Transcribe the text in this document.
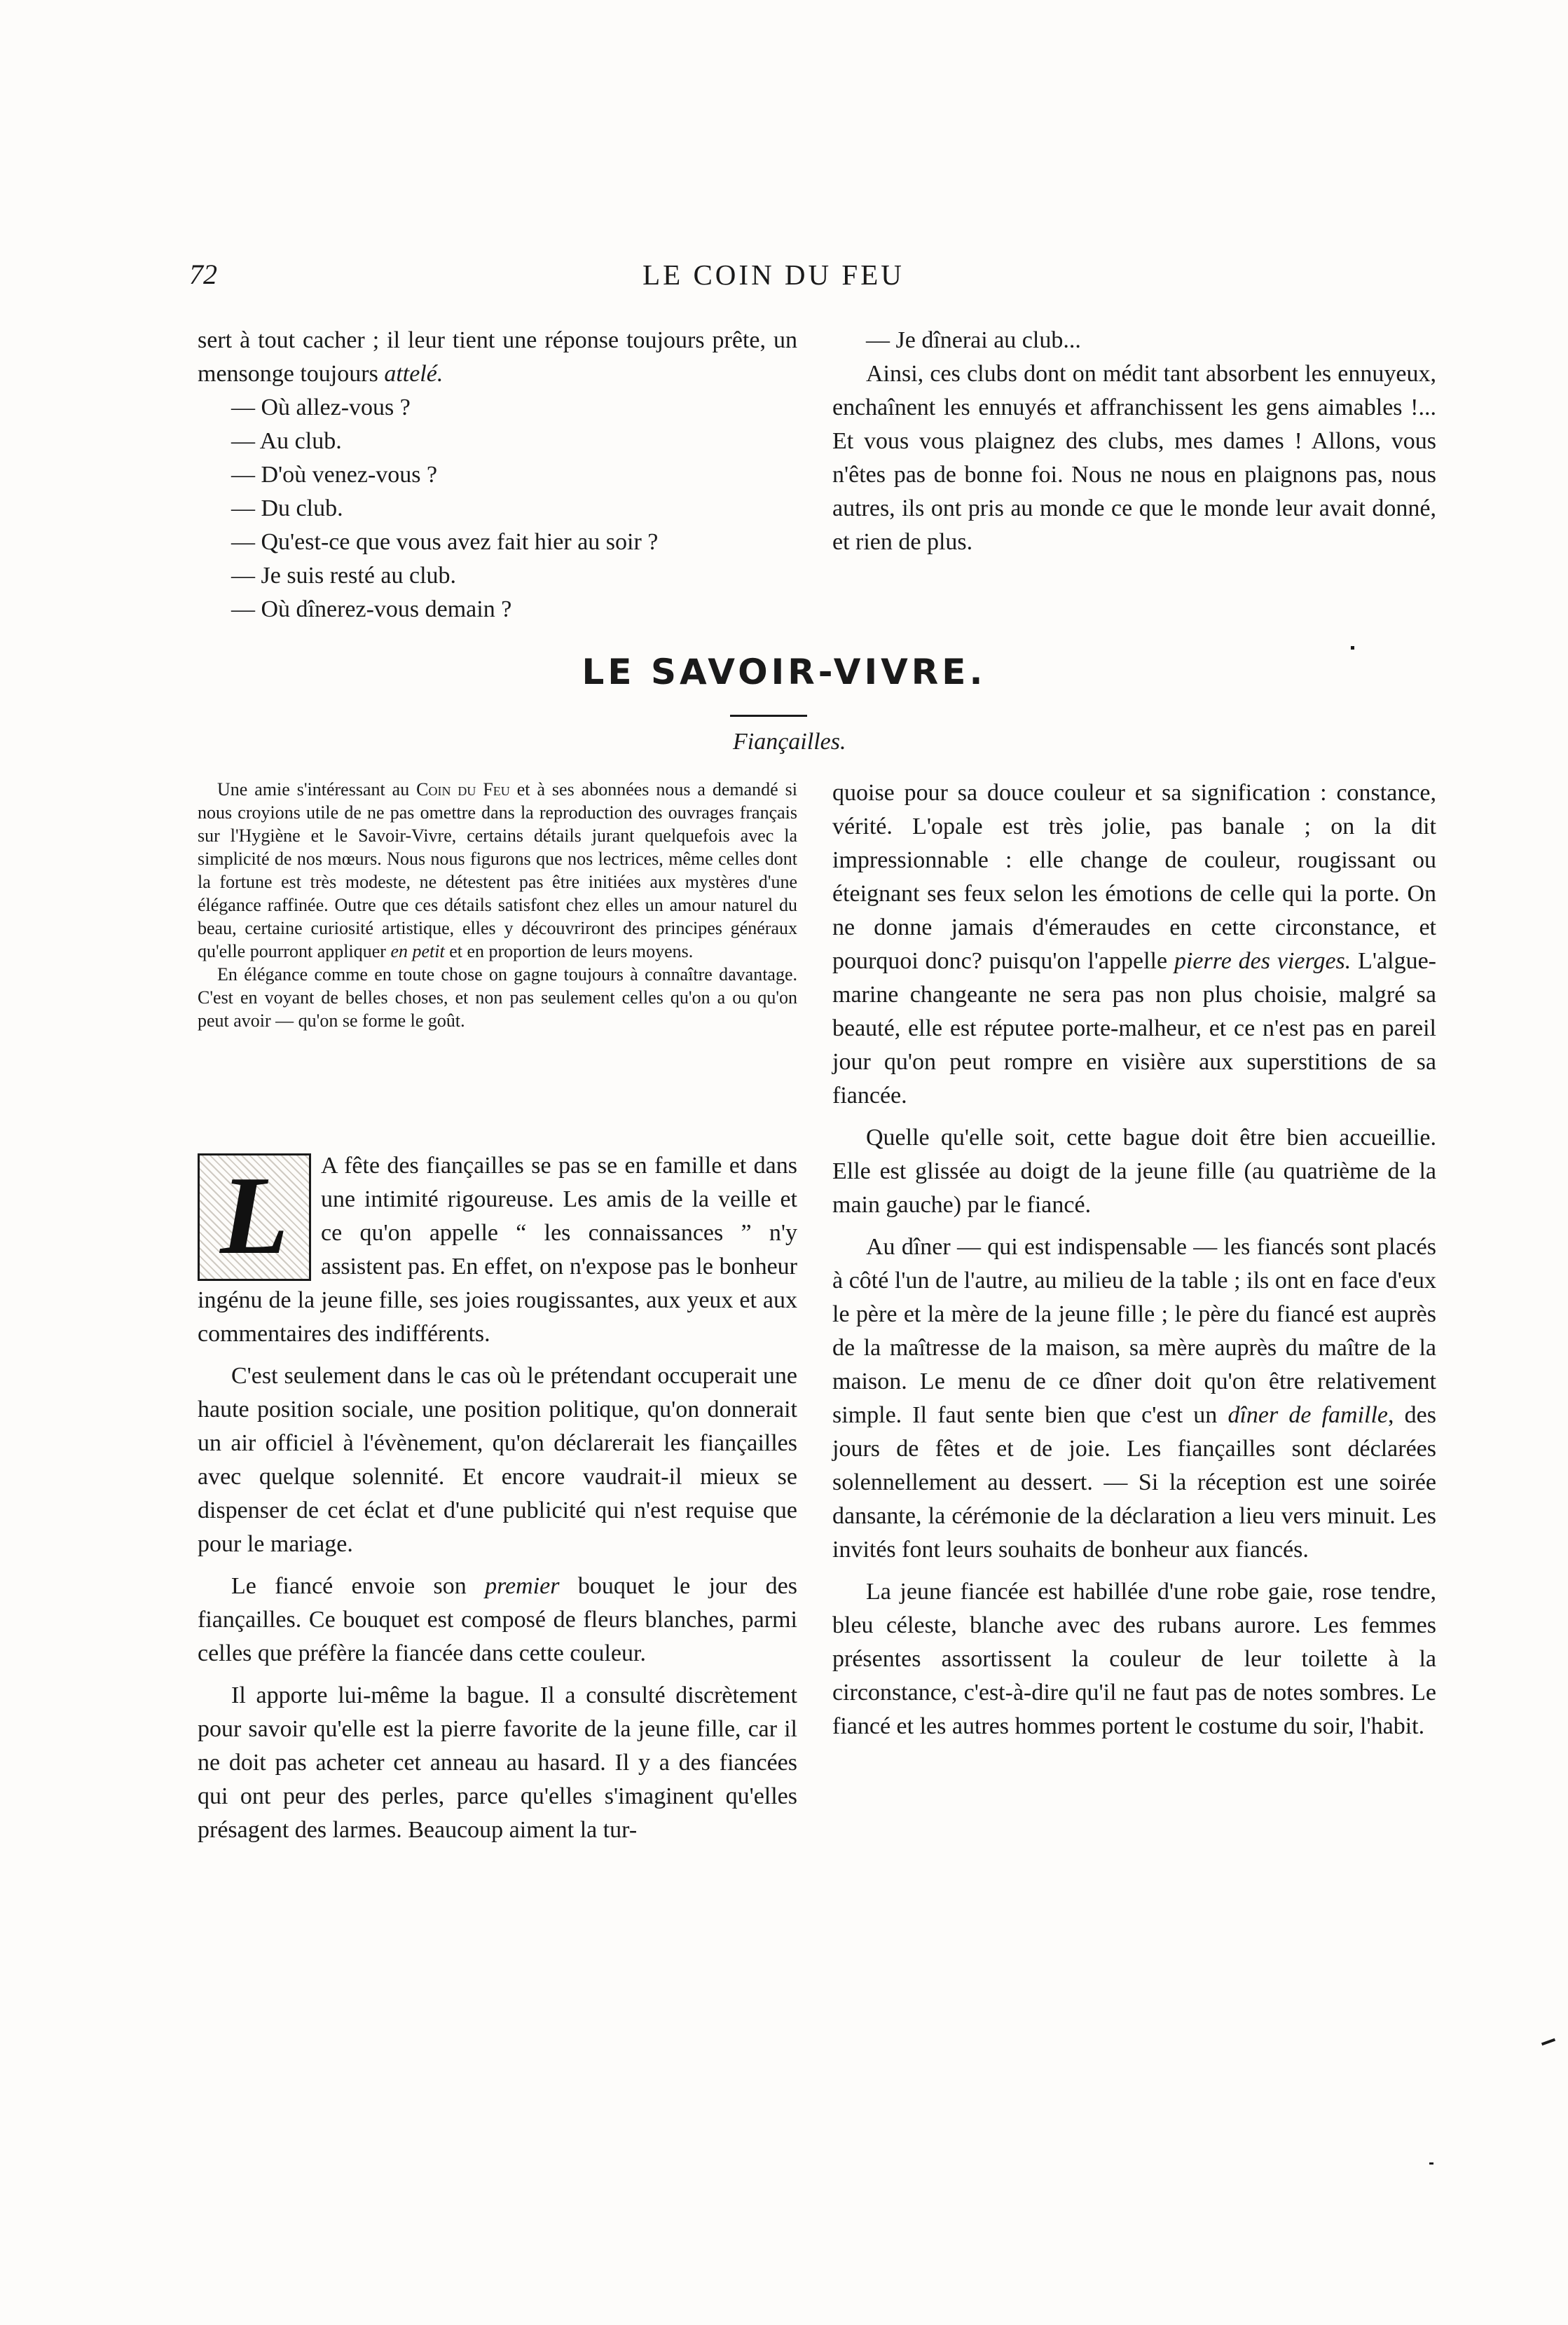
72	LE COIN DU FEU

sert à tout cacher ; il leur tient une réponse toujours prête, un mensonge toujours attelé.

— Où allez-vous ?

— Au club.

— D'où venez-vous ?

— Du club.

— Qu'est-ce que vous avez fait hier au soir ?

— Je suis resté au club.

— Où dînerez-vous demain ?

— Je dînerai au club...

Ainsi, ces clubs dont on médit tant absorbent les ennuyeux, enchaînent les ennuyés et affranchissent les gens aimables !... Et vous vous plaignez des clubs, mes dames ! Allons, vous n'êtes pas de bonne foi. Nous ne nous en plaignons pas, nous autres, ils ont pris au monde ce que le monde leur avait donné, et rien de plus.

LE SAVOIR-VIVRE.
Fiançailles.

Une amie s'intéressant au Coin du Feu et à ses abonnées nous a demandé si nous croyions utile de ne pas omettre dans la reproduction des ouvrages français sur l'Hygiène et le Savoir-Vivre, certains détails jurant quelquefois avec la simplicité de nos mœurs. Nous nous figurons que nos lectrices, même celles dont la fortune est très modeste, ne détestent pas être initiées aux mystères d'une élégance raffinée. Outre que ces détails satisfont chez elles un amour naturel du beau, certaine curiosité artistique, elles y découvriront des principes généraux qu'elle pourront appliquer en petit et en proportion de leurs moyens.

En élégance comme en toute chose on gagne toujours à connaître davantage. C'est en voyant de belles choses, et non pas seulement celles qu'on a ou qu'on peut avoir — qu'on se forme le goût.

L	A fête des fiançailles se pas se en famille et dans une intimité rigoureuse. Les amis de la veille et ce qu'on appelle “ les connaissances ” n'y assistent pas. En effet, on n'expose pas le bonheur ingénu de la jeune fille, ses joies rougissantes, aux yeux et aux commentaires des indifférents.

C'est seulement dans le cas où le prétendant occuperait une haute position sociale, une position politique, qu'on donnerait un air officiel à l'évènement, qu'on déclarerait les fiançailles avec quelque solennité. Et encore vaudrait-il mieux se dispenser de cet éclat et d'une publicité qui n'est requise que pour le mariage.

Le fiancé envoie son premier bouquet le jour des fiançailles. Ce bouquet est composé de fleurs blanches, parmi celles que préfère la fiancée dans cette couleur.

Il apporte lui-même la bague. Il a consulté discrètement pour savoir qu'elle est la pierre favorite de la jeune fille, car il ne doit pas acheter cet anneau au hasard. Il y a des fiancées qui ont peur des perles, parce qu'elles s'imaginent qu'elles présagent des larmes. Beaucoup aiment la tur-

quoise pour sa douce couleur et sa signification : constance, vérité. L'opale est très jolie, pas banale ; on la dit impressionnable : elle change de couleur, rougissant ou éteignant ses feux selon les émotions de celle qui la porte. On ne donne jamais d'émeraudes en cette circonstance, et pourquoi donc? puisqu'on l'appelle pierre des vierges. L'algue-marine changeante ne sera pas non plus choisie, malgré sa beauté, elle est réputee porte-malheur, et ce n'est pas en pareil jour qu'on peut rompre en visière aux superstitions de sa fiancée.

Quelle qu'elle soit, cette bague doit être bien accueillie. Elle est glissée au doigt de la jeune fille (au quatrième de la main gauche) par le fiancé.

Au dîner — qui est indispensable — les fiancés sont placés à côté l'un de l'autre, au milieu de la table ; ils ont en face d'eux le père et la mère de la jeune fille ; le père du fiancé est auprès de la maîtresse de la maison, sa mère auprès du maître de la maison. Le menu de ce dîner doit qu'on être relativement simple. Il faut sente bien que c'est un dîner de famille, des jours de fêtes et de joie. Les fiançailles sont déclarées solennellement au dessert. — Si la réception est une soirée dansante, la cérémonie de la déclaration a lieu vers minuit. Les invités font leurs souhaits de bonheur aux fiancés.

La jeune fiancée est habillée d'une robe gaie, rose tendre, bleu céleste, blanche avec des rubans aurore. Les femmes présentes assortissent la couleur de leur toilette à la circonstance, c'est-à-dire qu'il ne faut pas de notes sombres. Le fiancé et les autres hommes portent le costume du soir, l'habit.
